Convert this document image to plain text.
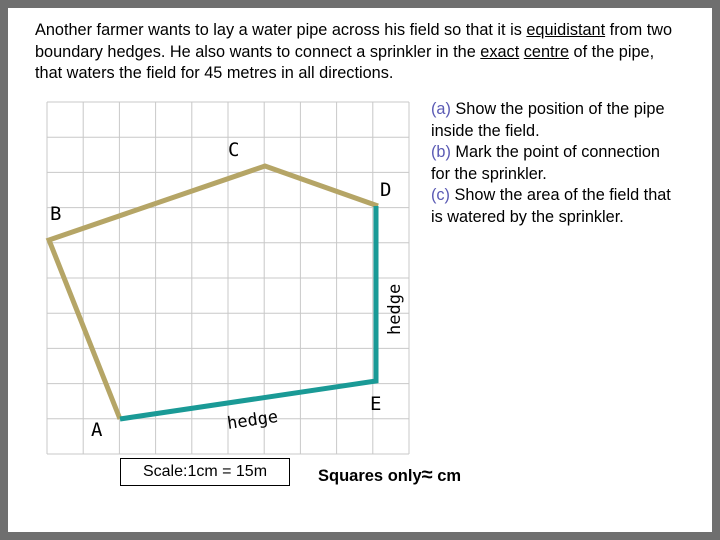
Another farmer wants to lay a water pipe across his field so that it is equidistant from two boundary hedges. He also wants to connect a sprinkler in the exact centre of the pipe, that waters the field for 45 metres in all directions.
C
D
B
A
E
hedge
hedge
(a) Show the position of the pipe inside the field.
(b) Mark the point of connection for the sprinkler.
(c) Show the area of the field that is watered by the sprinkler.
Scale:1cm = 15m	Squares only≈ cm
